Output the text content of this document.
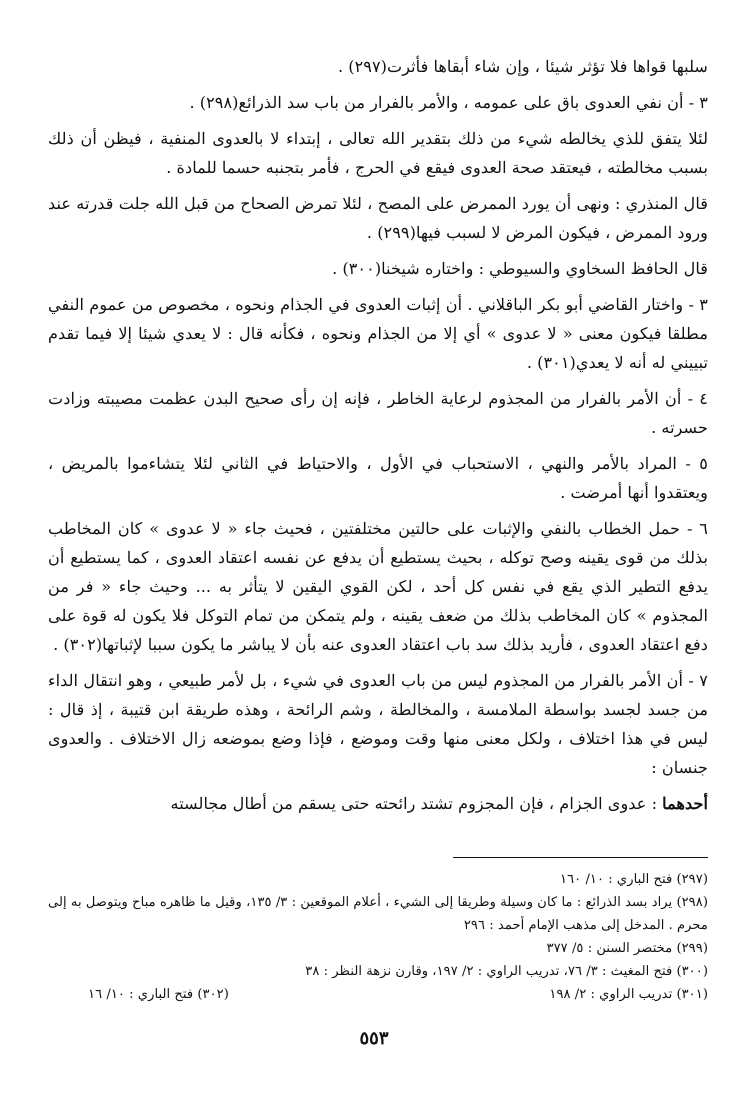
سلبها قواها فلا تؤثر شيئا ، وإن شاء أبقاها فأثرت(٢٩٧) .

٣ - أن نفي العدوى باق على عمومه ، والأمر بالفرار من باب سد الذرائع(٢٩٨) .

لئلا يتفق للذي يخالطه شيء من ذلك بتقدير الله تعالى ، إبتداء لا بالعدوى المنفية ، فيظن أن ذلك بسبب مخالطته ، فيعتقد صحة العدوى فيقع في الحرج ، فأمر بتجنبه حسما للمادة .

قال المنذري : ونهى أن يورد الممرض على المصح ، لئلا تمرض الصحاح من قبل الله جلت قدرته عند ورود الممرض ، فيكون المرض لا لسبب فيها(٢٩٩) .

قال الحافظ السخاوي والسيوطي : واختاره شيخنا(٣٠٠) .

٣ - واختار القاضي أبو بكر الباقلاني . أن إثبات العدوى في الجذام ونحوه ، مخصوص من عموم النفي مطلقا فيكون معنى « لا عدوى » أي إلا من الجذام ونحوه ، فكأنه قال : لا يعدي شيئا إلا فيما تقدم تبييني له أنه لا يعدي(٣٠١) .

٤ - أن الأمر بالفرار من المجذوم لرعاية الخاطر ، فإنه إن رأى صحيح البدن عظمت مصيبته وزادت حسرته .

٥ - المراد بالأمر والنهي ، الاستحباب في الأول ، والاحتياط في الثاني لئلا يتشاءموا بالمريض ، ويعتقدوا أنها أمرضت .

٦ - حمل الخطاب بالنفي والإثبات على حالتين مختلفتين ، فحيث جاء « لا عدوى » كان المخاطب بذلك من قوى يقينه وصح توكله ، بحيث يستطيع أن يدفع عن نفسه اعتقاد العدوى ، كما يستطيع أن يدفع التطير الذي يقع في نفس كل أحد ، لكن القوي اليقين لا يتأثر به ... وحيث جاء « فر من المجذوم » كان المخاطب بذلك من ضعف يقينه ، ولم يتمكن من تمام التوكل فلا يكون له قوة على دفع اعتقاد العدوى ، فأريد بذلك سد باب اعتقاد العدوى عنه بأن لا يباشر ما يكون سببا لإثباتها(٣٠٢) .

٧ - أن الأمر بالفرار من المجذوم ليس من باب العدوى في شيء ، بل لأمر طبيعي ، وهو انتقال الداء من جسد لجسد بواسطة الملامسة ، والمخالطة ، وشم الرائحة ، وهذه طريقة ابن قتيبة ، إذ قال : ليس في هذا اختلاف ، ولكل معنى منها وقت وموضع ، فإذا وضع بموضعه زال الاختلاف . والعدوى جنسان :

أحدهما : عدوى الجزام ، فإن المجزوم تشتد رائحته حتى يسقم من أطال مجالسته

(٢٩٧) فتح الباري : ١٠/ ١٦٠

(٢٩٨) يراد بسد الذرائع : ما كان وسيلة وطريقا إلى الشيء ، أعلام الموقعين : ٣/ ١٣٥، وقيل ما ظاهره مباح ويتوصل به إلى محرم . المدخل إلى مذهب الإمام أحمد : ٢٩٦

(٢٩٩) مختصر السنن : ٥/ ٣٧٧

(٣٠٠) فتح المغيث : ٣/ ٧٦، تدريب الراوي : ٢/ ١٩٧، وقارن نزهة النظر : ٣٨

(٣٠١) تدريب الراوي : ٢/ ١٩٨
(٣٠٢) فتح الباري : ١٠/ ١٦
٥٥٣
